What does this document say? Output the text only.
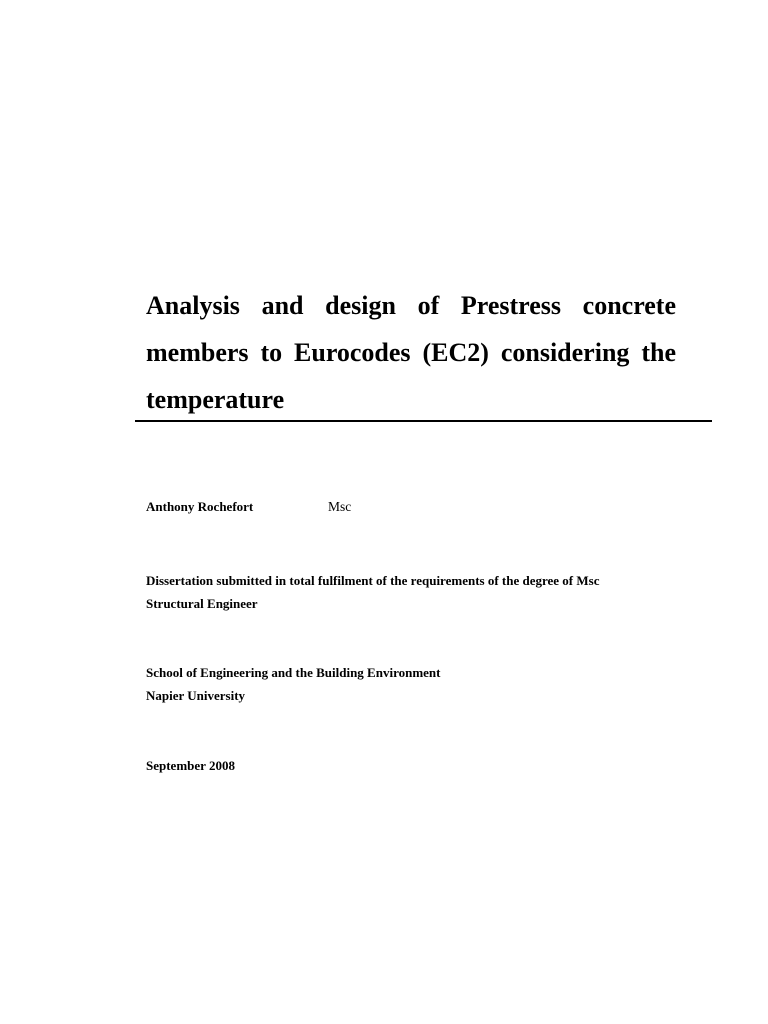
Analysis and design of Prestress concrete members to Eurocodes (EC2) considering the temperature

Anthony Rochefort	Msc

Dissertation submitted in total fulfilment of the requirements of the degree of Msc
Structural Engineer

School of Engineering and the Building Environment
Napier University

September 2008
